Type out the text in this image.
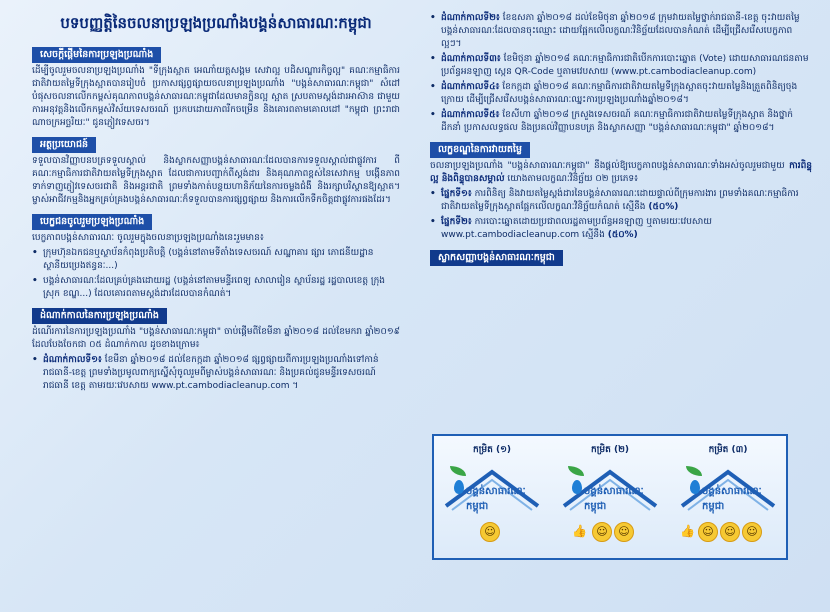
បទបញ្ញត្តិនៃចលនាប្រឡងប្រណាំងបង្គន់សាធារណៈកម្ពុជា
សេចក្តីផ្តើមនៃការប្រឡងប្រណាំង

ដើម្បីចូលរួមចលនាប្រឡងប្រណាំង "ទីក្រុងស្អាត អេណាំយត្តសង្គម សេវាល្អ បដិសណ្ឋារកិច្ចល្អ" គណៈកម្មាធិការជាតិវាយតម្លៃទីក្រុងស្អាតបានរៀបចំ ប្រកាសផ្សព្វផ្សាយចលនាប្រឡងប្រណាំង "បង្គន់សាធារណៈកម្ពុជា" សំដៅបំផុសចលនាលើកកម្ពស់គុណភាពបង្គន់សាធារណៈកម្ពុជាដែលមានក្លិនល្អ ស្អាត ស្របតាមស្តង់ដារអាស៊ាន ជាមួយការអនុវត្តនិងលើកកម្ពស់វិស័យទេសចរណ៍ ប្រកបដោយភាពរីកចម្រើន និងគោរពតាមគោលដៅ "កម្ពុជា ព្រះរាជាណាចក្រអច្ឆរិយៈ" ជូនភ្ញៀវទេសចរ។

អត្ថប្រយោជន៍

ទទួលបានវិញ្ញាបនបត្រទទួលស្គាល់ និងស្លាកសញ្ញាបង្គន់សាធារណៈដែលបានការទទួលស្គាល់ជាផ្លូវការ ពីគណៈកម្មាធិការជាតិវាយតម្លៃទីក្រុងស្អាត ដែលជាការបញ្ជាក់ពីស្តង់ដារ និងគុណភាពខ្ពស់នៃសេវាកម្ម បង្កើនភាពទាក់ទាញភ្ញៀវទេសចរជាតិ និងអន្តរជាតិ ព្រមទាំងកាត់បន្ថយហានិភ័យនៃការចម្លងជំងឺ និងរក្សាបរិស្ថានឱ្យស្អាត។ ម្ចាស់អាជីវកម្មនិងអ្នកគ្រប់គ្រងបង្គន់សាធារណៈក៏ទទួលបានការផ្សព្វផ្សាយ និងការលើកទឹកចិត្តជាផ្លូវការផងដែរ។

បេក្ខជនចូលរួមប្រឡងប្រណាំង

បេក្ខភាពបង្គន់សាធារណៈ ចូលរួមក្នុងចលនាប្រឡងប្រណាំងនេះរួមមាន៖

• ក្រុមហ៊ុនឯកជនឬស្ថាប័នកំពុងប្រតិបត្តិ (បង្គន់នៅតាមទីតាំងទេសចរណ៍ សណ្ឋាគារ ផ្សារ ភោជនីយដ្ឋាន ស្ថានីយប្រេងឥន្ធនៈ...)
• បង្គន់សាធារណៈដែលគ្រប់គ្រងដោយរដ្ឋ (បង្គន់នៅតាមមន្ទីរពេទ្យ សាលារៀន ស្ថាប័នរដ្ឋ រដ្ឋបាលខេត្ត ក្រុង ស្រុក ខណ្ឌ...) ដែលគោរពតាមស្តង់ដារដែលបានកំណត់។
ដំណាក់កាលនៃការប្រឡងប្រណាំង

ដំណើរការនៃការប្រឡងប្រណាំង "បង្គន់សាធារណៈកម្ពុជា" ចាប់ផ្តើមពីខែមីនា ឆ្នាំ២០១៨ ដល់ខែមករា ឆ្នាំ២០១៩ ដែលបែងចែកជា ០៥ ដំណាក់កាល ដូចខាងក្រោម៖

• ដំណាក់កាលទី១៖ ខែមីនា ឆ្នាំ២០១៨ ដល់ខែកក្កដា ឆ្នាំ២០១៨ ផ្សព្វផ្សាយពីការប្រឡងប្រណាំងទៅកាន់រាជធានី-ខេត្ត ព្រមទាំងប្រមូលពាក្យស្នើសុំចូលរួមពីម្ចាស់បង្គន់សាធារណៈ និងប្រគល់ជូនមន្ទីរទេសចរណ៍រាជធានី ខេត្ត តាមរយៈវេបសាយ www.pt.cambodiacleanup.com ។
• ដំណាក់កាលទី២៖ ខែឧសភា ឆ្នាំ២០១៨ ដល់ខែមិថុនា ឆ្នាំ២០១៨ ក្រុមវាយតម្លៃថ្នាក់រាជធានី-ខេត្ត ចុះវាយតម្លៃបង្គន់សាធារណៈដែលបានចុះឈ្មោះ ដោយផ្អែកលើលក្ខណៈវិនិច្ឆ័យដែលបានកំណត់ ដើម្បីជ្រើសរើសបេក្ខភាពល្អៗ។
• ដំណាក់កាលទី៣៖ ខែមិថុនា ឆ្នាំ២០១៨ គណៈកម្មាធិការជាតិបើកការបោះឆ្នោត (Vote) ដោយសាធារណជនតាមប្រព័ន្ធអនឡាញ ស្កេន QR-Code ឬតាមវេបសាយ (www.pt.cambodiacleanup.com)
• ដំណាក់កាលទី៤៖ ខែកក្កដា ឆ្នាំ២០១៨ គណៈកម្មាធិការជាតិវាយតម្លៃទីក្រុងស្អាតចុះវាយតម្លៃនិងត្រួតពិនិត្យចុងក្រោយ ដើម្បីជ្រើសរើសបង្គន់សាធារណៈឈ្នះការប្រឡងប្រណាំងឆ្នាំ២០១៨។
• ដំណាក់កាលទី៥៖ ខែសីហា ឆ្នាំ២០១៨ ក្រសួងទេសចរណ៍ គណៈកម្មាធិការជាតិវាយតម្លៃទីក្រុងស្អាត និងថ្នាក់ដឹកនាំ ប្រកាសលទ្ធផល និងប្រគល់វិញ្ញាបនបត្រ និងស្លាកសញ្ញា "បង្គន់សាធារណៈកម្ពុជា" ឆ្នាំ២០១៨។
លក្ខខណ្ឌនៃការវាយតម្លៃ

ចលនាប្រឡងប្រណាំង "បង្គន់សាធារណៈកម្ពុជា" នឹងផ្តល់ឱ្យបេក្ខភាពបង្គន់សាធារណៈទាំងអស់ចូលរួមជាមួយ ការពិន្ទុល្អ និងពិន្ទុបានសម្គាល់ យោងតាមលក្ខណៈវិនិច្ឆ័យ ០២ ប្រភេទ៖

• ផ្នែកទី១៖ ការពិនិត្យ និងវាយតម្លៃស្តង់ដារនៃបង្គន់សាធារណៈដោយផ្ទាល់ពីក្រុមការងារ ព្រមទាំងគណៈកម្មាធិការជាតិវាយតម្លៃទីក្រុងស្អាតផ្អែកលើលក្ខណៈវិនិច្ឆ័យកំណត់ ស្មើនឹង (៥០%)
• ផ្នែកទី២៖ ការបោះឆ្នោតដោយប្រជាពលរដ្ឋតាមប្រព័ន្ធអនឡាញ ឬតាមរយៈវេបសាយ www.pt.cambodiacleanup.com ស្មើនឹង (៥០%)
ស្លាកសញ្ញាបង្គន់សាធារណៈកម្ពុជា
កម្រិត (១)
បង្គន់សាធារណៈកម្ពុជា
☺
កម្រិត (២)
បង្គន់សាធារណៈកម្ពុជា
👍 ☺ ☺
កម្រិត (៣)
បង្គន់សាធារណៈកម្ពុជា
👍 ☺ ☺ ☺
